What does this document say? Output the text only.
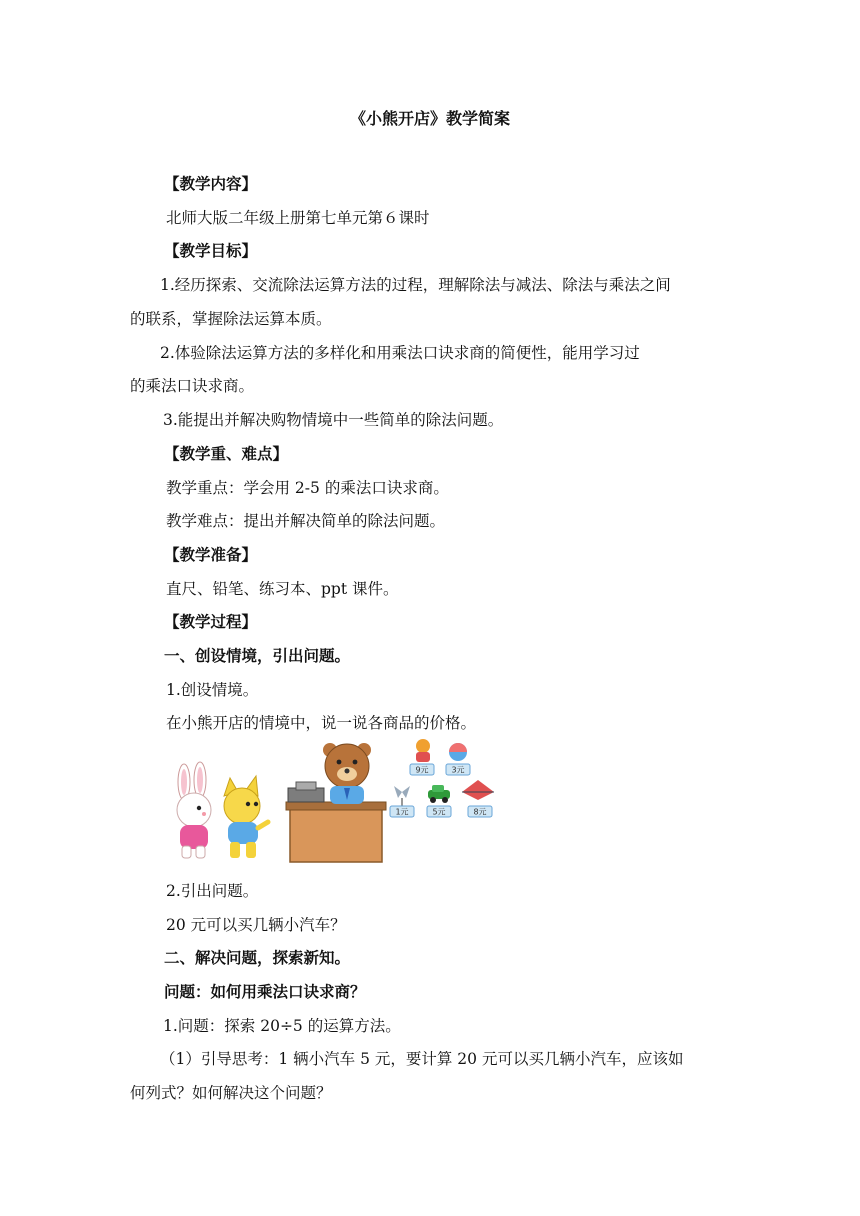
《小熊开店》教学简案
【教学内容】
北师大版二年级上册第七单元第６课时
【教学目标】
1.经历探索、交流除法运算方法的过程，理解除法与减法、除法与乘法之间
的联系，掌握除法运算本质。
2.体验除法运算方法的多样化和用乘法口诀求商的简便性，能用学习过
的乘法口诀求商。
3.能提出并解决购物情境中一些简单的除法问题。
【教学重、难点】
教学重点：学会用 2-5 的乘法口诀求商。
教学难点：提出并解决简单的除法问题。
【教学准备】
直尺、铅笔、练习本、ppt 课件。
【教学过程】
一、创设情境，引出问题。
1.创设情境。
在小熊开店的情境中，说一说各商品的价格。
9元	3元
1元	5元	8元
2.引出问题。
20 元可以买几辆小汽车？
二、解决问题，探索新知。
问题：如何用乘法口诀求商？
1.问题：探索 20÷5 的运算方法。
（1）引导思考：1 辆小汽车 5 元，要计算 20 元可以买几辆小汽车，应该如
何列式？如何解决这个问题？
